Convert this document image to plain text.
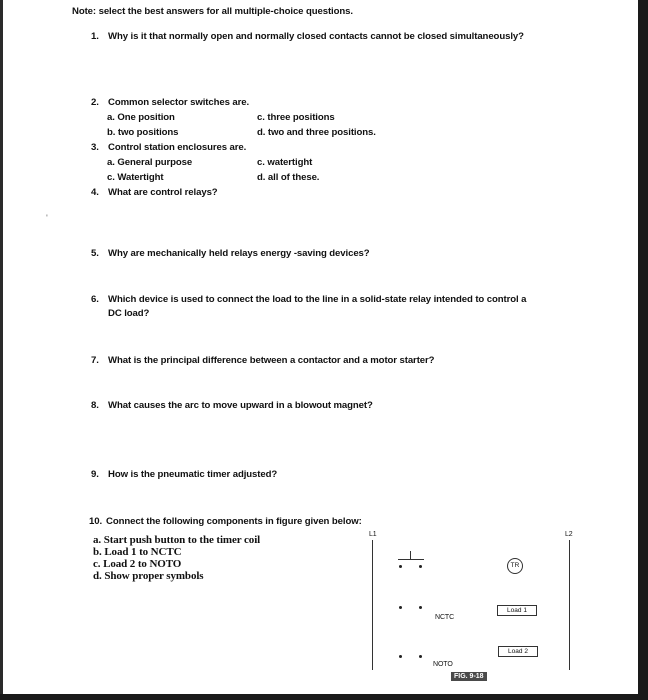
Note: select the best answers for all multiple-choice questions.
1. Why is it that normally open and normally closed contacts cannot be closed simultaneously?
2. Common selector switches are.
a. One position
b. two positions
c. three positions
d. two and three positions.
3. Control station enclosures are.
a. General purpose
c. Watertight
c. watertight
d. all of these.
4. What are control relays?
'
5. Why are mechanically held relays energy -saving devices?
6. Which device is used to connect the load to the line in a solid-state relay intended to control a
DC load?
7. What is the principal difference between a contactor and a motor starter?
8. What causes the arc to move upward in a blowout magnet?
9. How is the pneumatic timer adjusted?
10. Connect the following components in figure given below:
a. Start push button to the timer coil
b. Load 1 to NCTC
c. Load 2 to NOTO
d. Show proper symbols
L1	L2
TR
NCTC
Load 1
Load 2
NOTO
FIG. 9-18
